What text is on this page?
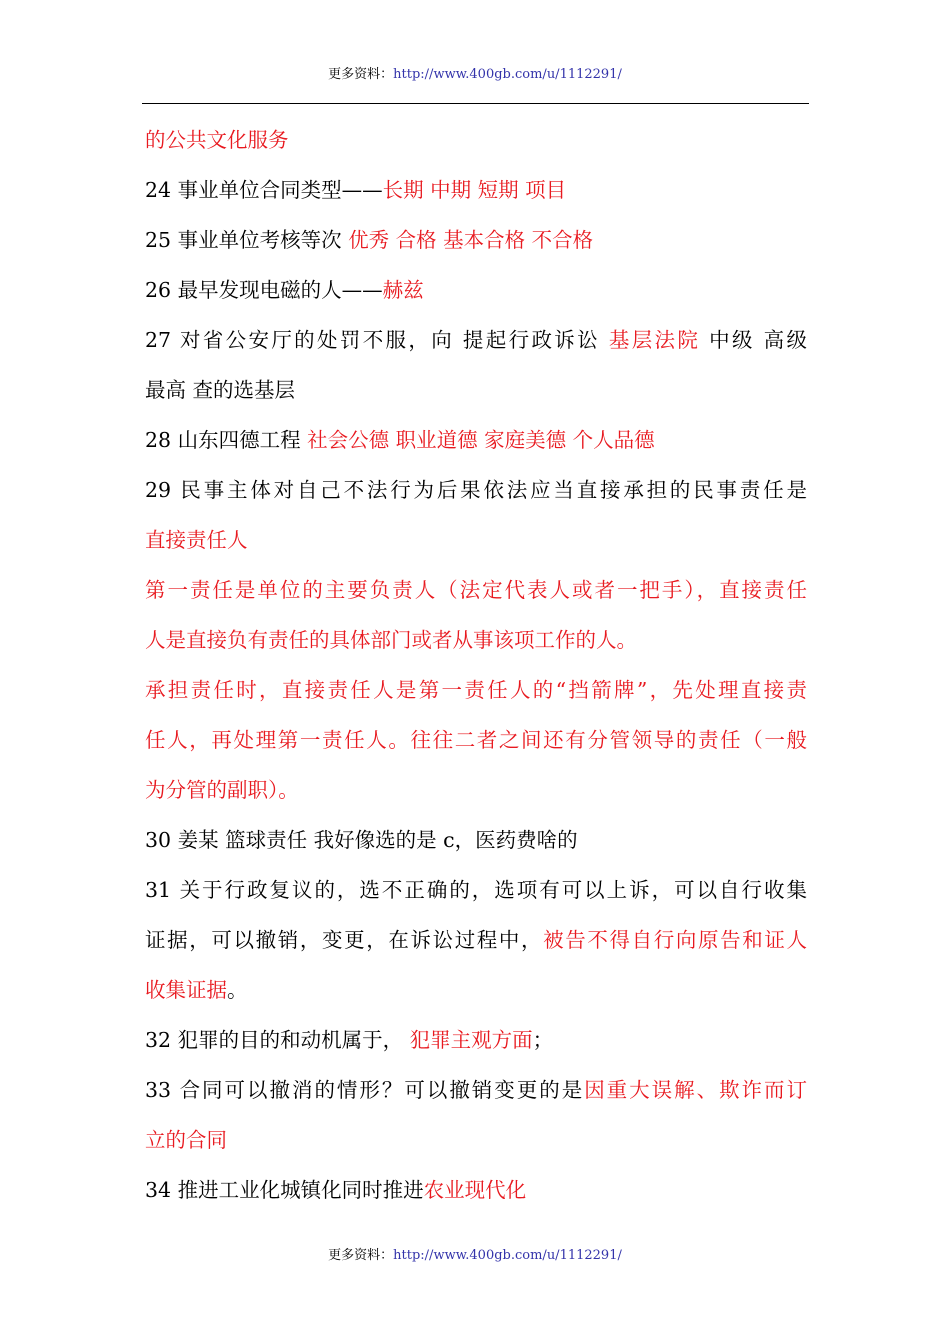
更多资料：http://www.400gb.com/u/1112291/
的公共文化服务
24 事业单位合同类型——长期 中期 短期 项目
25 事业单位考核等次 优秀 合格 基本合格 不合格
26 最早发现电磁的人——赫兹
27 对省公安厅的处罚不服，向 提起行政诉讼 基层法院 中级 高级
最高 查的选基层
28 山东四德工程 社会公德 职业道德 家庭美德 个人品德
29 民事主体对自己不法行为后果依法应当直接承担的民事责任是
直接责任人
第一责任是单位的主要负责人（法定代表人或者一把手），直接责任
人是直接负有责任的具体部门或者从事该项工作的人。
承担责任时，直接责任人是第一责任人的“挡箭牌”，先处理直接责
任人，再处理第一责任人。往往二者之间还有分管领导的责任（一般
为分管的副职）。
30 姜某 篮球责任 我好像选的是 c，医药费啥的
31 关于行政复议的，选不正确的，选项有可以上诉，可以自行收集
证据，可以撤销，变更，在诉讼过程中，被告不得自行向原告和证人
收集证据。
32 犯罪的目的和动机属于， 犯罪主观方面；
33 合同可以撤消的情形？可以撤销变更的是因重大误解、欺诈而订
立的合同
34 推进工业化城镇化同时推进农业现代化
更多资料：http://www.400gb.com/u/1112291/
